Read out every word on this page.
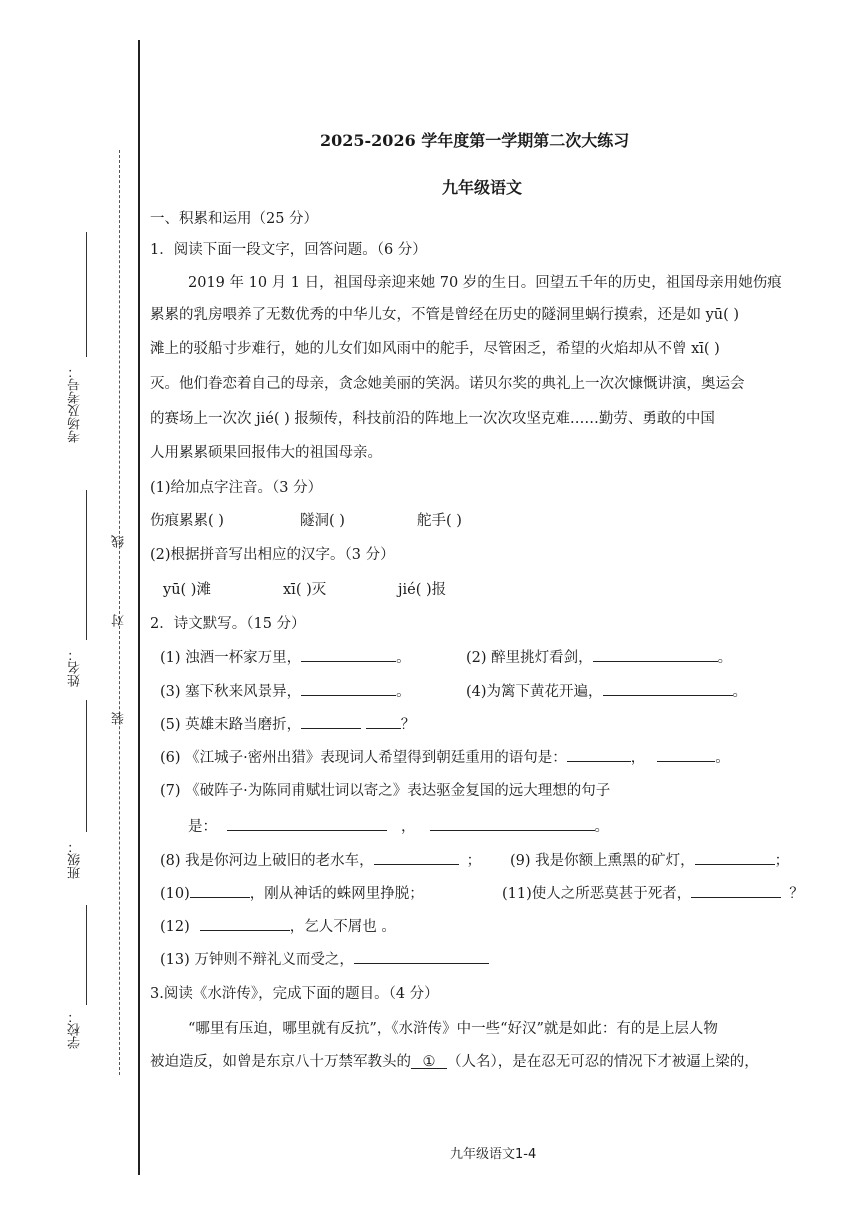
考场及考号：
姓名：
班级：
学校：
线
对
装
2025-2026 学年度第一学期第二次大练习
九年级语文
一、积累和运用（25 分）
1．阅读下面一段文字，回答问题。（6 分）
2019 年 10 月 1 日，祖国母亲迎来她 70 岁的生日。回望五千年的历史，祖国母亲用她伤痕
累累的乳房喂养了无数优秀的中华儿女，不管是曾经在历史的隧洞里蜗行摸索，还是如 yū( )
滩上的驳船寸步难行，她的儿女们如风雨中的舵手，尽管困乏，希望的火焰却从不曾 xī( )
灭。他们眷恋着自己的母亲，贪念她美丽的笑涡。诺贝尔奖的典礼上一次次慷慨讲演，奥运会
的赛场上一次次 jié( ) 报频传，科技前沿的阵地上一次次攻坚克难……勤劳、勇敢的中国
人用累累硕果回报伟大的祖国母亲。
(1)给加点字注音。（3 分）
伤痕累累( )	隧洞( )	舵手( )
(2)根据拼音写出相应的汉字。（3 分）
yū( )滩	xī( )灭	jié( )报
2．诗文默写。（15 分）
(1) 浊酒一杯家万里，	。	(2) 醉里挑灯看剑，	。
(3) 塞下秋来风景异，	。	(4)为篱下黄花开遍，	。
(5) 英雄末路当磨折，	？
(6) 《江城子·密州出猎》表现词人希望得到朝廷重用的语句是：	，	。
(7) 《破阵子·为陈同甫赋壮词以寄之》表达驱金复国的远大理想的句子
是：	，	。
(8) 我是你河边上破旧的老水车，	； (9) 我是你额上熏黑的矿灯，	；
(10)	，刚从神话的蛛网里挣脱；	(11)使人之所恶莫甚于死者，	？
(12)	，乞人不屑也 。
(13) 万钟则不辩礼义而受之，
3.阅读《水浒传》，完成下面的题目。（4 分）
“哪里有压迫，哪里就有反抗”，《水浒传》中一些“好汉”就是如此：有的是上层人物
被迫造反，如曾是东京八十万禁军教头的 ① （人名），是在忍无可忍的情况下才被逼上梁的，
九年级语文1-4
